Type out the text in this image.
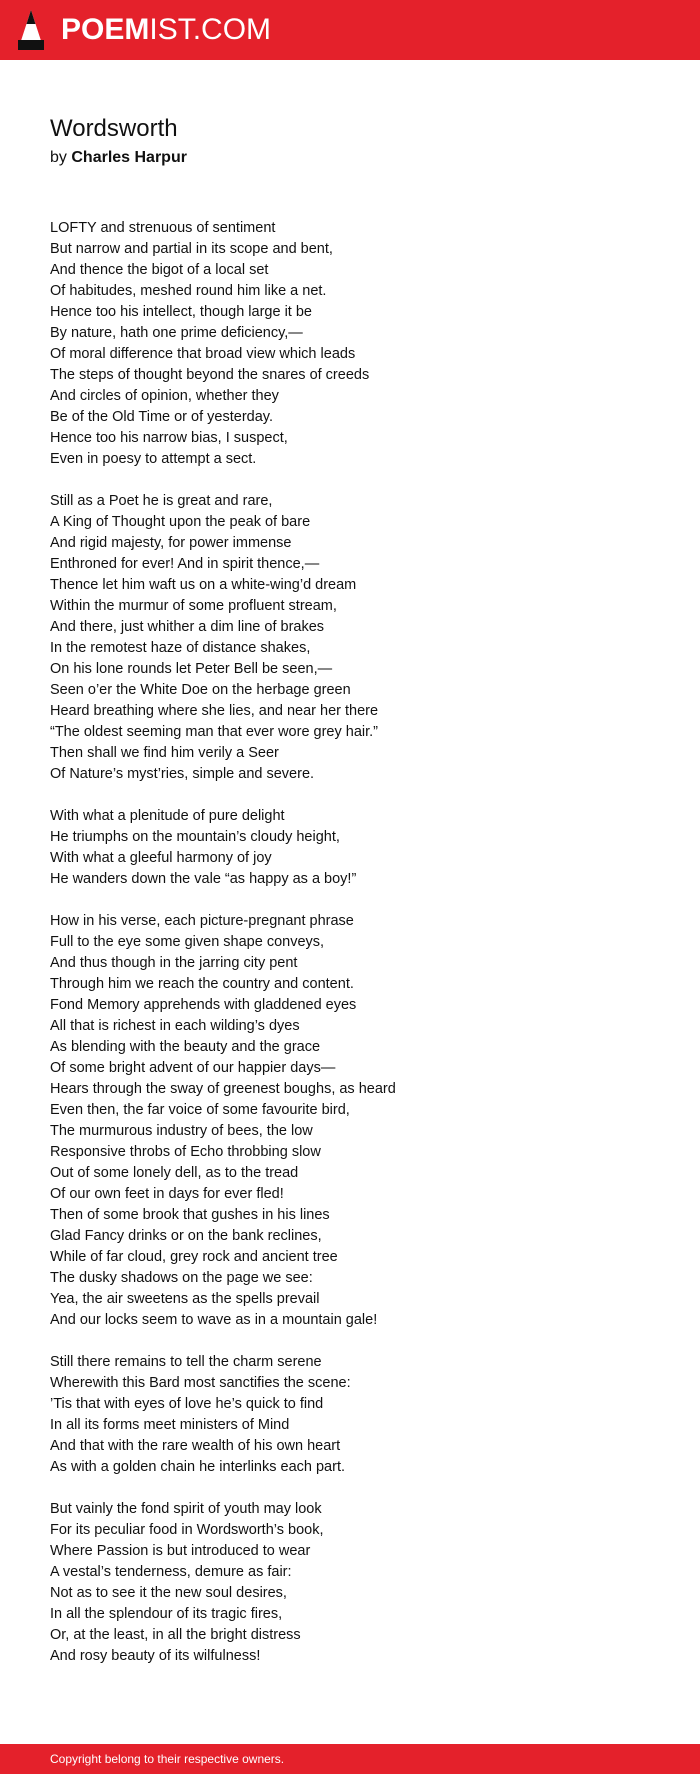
POEMIST.COM
Wordsworth
by Charles Harpur
LOFTY and strenuous of sentiment
But narrow and partial in its scope and bent,
And thence the bigot of a local set
Of habitudes, meshed round him like a net.
Hence too his intellect, though large it be
By nature, hath one prime deficiency,—
Of moral difference that broad view which leads
The steps of thought beyond the snares of creeds
And circles of opinion, whether they
Be of the Old Time or of yesterday.
Hence too his narrow bias, I suspect,
Even in poesy to attempt a sect.
Still as a Poet he is great and rare,
A King of Thought upon the peak of bare
And rigid majesty, for power immense
Enthroned for ever! And in spirit thence,—
Thence let him waft us on a white-wing’d dream
Within the murmur of some profluent stream,
And there, just whither a dim line of brakes
In the remotest haze of distance shakes,
On his lone rounds let Peter Bell be seen,—
Seen o’er the White Doe on the herbage green
Heard breathing where she lies, and near her there
“The oldest seeming man that ever wore grey hair.”
Then shall we find him verily a Seer
Of Nature’s myst’ries, simple and severe.
With what a plenitude of pure delight
He triumphs on the mountain’s cloudy height,
With what a gleeful harmony of joy
He wanders down the vale “as happy as a boy!”
How in his verse, each picture-pregnant phrase
Full to the eye some given shape conveys,
And thus though in the jarring city pent
Through him we reach the country and content.
Fond Memory apprehends with gladdened eyes
All that is richest in each wilding’s dyes
As blending with the beauty and the grace
Of some bright advent of our happier days—
Hears through the sway of greenest boughs, as heard
Even then, the far voice of some favourite bird,
The murmurous industry of bees, the low
Responsive throbs of Echo throbbing slow
Out of some lonely dell, as to the tread
Of our own feet in days for ever fled!
Then of some brook that gushes in his lines
Glad Fancy drinks or on the bank reclines,
While of far cloud, grey rock and ancient tree
The dusky shadows on the page we see:
Yea, the air sweetens as the spells prevail
And our locks seem to wave as in a mountain gale!
Still there remains to tell the charm serene
Wherewith this Bard most sanctifies the scene:
’Tis that with eyes of love he’s quick to find
In all its forms meet ministers of Mind
And that with the rare wealth of his own heart
As with a golden chain he interlinks each part.
But vainly the fond spirit of youth may look
For its peculiar food in Wordsworth’s book,
Where Passion is but introduced to wear
A vestal’s tenderness, demure as fair:
Not as to see it the new soul desires,
In all the splendour of its tragic fires,
Or, at the least, in all the bright distress
And rosy beauty of its wilfulness!
Copyright belong to their respective owners.
